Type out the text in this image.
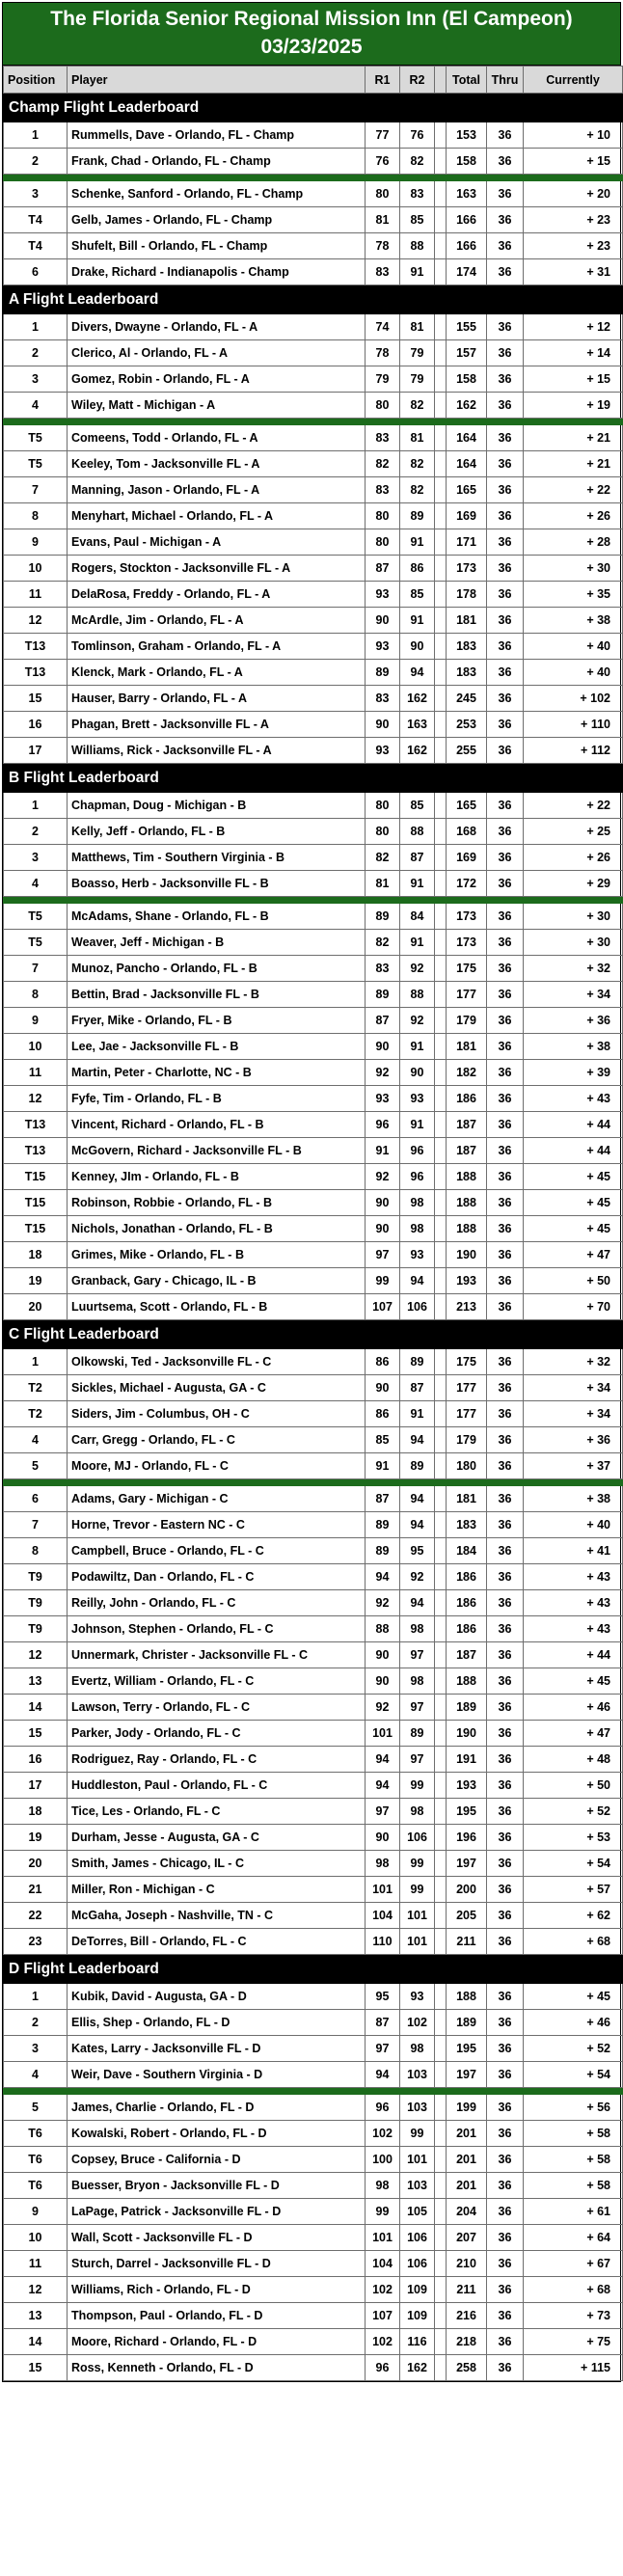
The Florida Senior Regional Mission Inn (El Campeon)
03/23/2025
Position	Player	R1	R2		Total	Thru	Currently
Champ Flight Leaderboard							
1	Rummells, Dave - Orlando, FL - Champ	77	76		153	36	+ 10
2	Frank, Chad - Orlando, FL - Champ	76	82		158	36	+ 15

3	Schenke, Sanford - Orlando, FL - Champ	80	83		163	36	+ 20
T4	Gelb, James - Orlando, FL - Champ	81	85		166	36	+ 23
T4	Shufelt, Bill - Orlando, FL - Champ	78	88		166	36	+ 23
6	Drake, Richard - Indianapolis - Champ	83	91		174	36	+ 31
A Flight Leaderboard							
1	Divers, Dwayne - Orlando, FL - A	74	81		155	36	+ 12
2	Clerico, Al - Orlando, FL - A	78	79		157	36	+ 14
3	Gomez, Robin - Orlando, FL - A	79	79		158	36	+ 15
4	Wiley, Matt - Michigan - A	80	82		162	36	+ 19

T5	Comeens, Todd - Orlando, FL - A	83	81		164	36	+ 21
T5	Keeley, Tom - Jacksonville FL - A	82	82		164	36	+ 21
7	Manning, Jason - Orlando, FL - A	83	82		165	36	+ 22
8	Menyhart, Michael - Orlando, FL - A	80	89		169	36	+ 26
9	Evans, Paul - Michigan - A	80	91		171	36	+ 28
10	Rogers, Stockton - Jacksonville FL - A	87	86		173	36	+ 30
11	DelaRosa, Freddy - Orlando, FL - A	93	85		178	36	+ 35
12	McArdle, Jim - Orlando, FL - A	90	91		181	36	+ 38
T13	Tomlinson, Graham - Orlando, FL - A	93	90		183	36	+ 40
T13	Klenck, Mark - Orlando, FL - A	89	94		183	36	+ 40
15	Hauser, Barry - Orlando, FL - A	83	162		245	36	+ 102
16	Phagan, Brett - Jacksonville FL - A	90	163		253	36	+ 110
17	Williams, Rick - Jacksonville FL - A	93	162		255	36	+ 112
B Flight Leaderboard							
1	Chapman, Doug - Michigan - B	80	85		165	36	+ 22
2	Kelly, Jeff - Orlando, FL - B	80	88		168	36	+ 25
3	Matthews, Tim - Southern Virginia - B	82	87		169	36	+ 26
4	Boasso, Herb - Jacksonville FL - B	81	91		172	36	+ 29

T5	McAdams, Shane - Orlando, FL - B	89	84		173	36	+ 30
T5	Weaver, Jeff - Michigan - B	82	91		173	36	+ 30
7	Munoz, Pancho - Orlando, FL - B	83	92		175	36	+ 32
8	Bettin, Brad - Jacksonville FL - B	89	88		177	36	+ 34
9	Fryer, Mike - Orlando, FL - B	87	92		179	36	+ 36
10	Lee, Jae - Jacksonville FL - B	90	91		181	36	+ 38
11	Martin, Peter - Charlotte, NC - B	92	90		182	36	+ 39
12	Fyfe, Tim - Orlando, FL - B	93	93		186	36	+ 43
T13	Vincent, Richard - Orlando, FL - B	96	91		187	36	+ 44
T13	McGovern, Richard - Jacksonville FL - B	91	96		187	36	+ 44
T15	Kenney, JIm - Orlando, FL - B	92	96		188	36	+ 45
T15	Robinson, Robbie - Orlando, FL - B	90	98		188	36	+ 45
T15	Nichols, Jonathan - Orlando, FL - B	90	98		188	36	+ 45
18	Grimes, Mike - Orlando, FL - B	97	93		190	36	+ 47
19	Granback, Gary - Chicago, IL - B	99	94		193	36	+ 50
20	Luurtsema, Scott - Orlando, FL - B	107	106		213	36	+ 70
C Flight Leaderboard							
1	Olkowski, Ted - Jacksonville FL - C	86	89		175	36	+ 32
T2	Sickles, Michael - Augusta, GA - C	90	87		177	36	+ 34
T2	Siders, Jim - Columbus, OH - C	86	91		177	36	+ 34
4	Carr, Gregg - Orlando, FL - C	85	94		179	36	+ 36
5	Moore, MJ - Orlando, FL - C	91	89		180	36	+ 37

6	Adams, Gary - Michigan - C	87	94		181	36	+ 38
7	Horne, Trevor - Eastern NC - C	89	94		183	36	+ 40
8	Campbell, Bruce - Orlando, FL - C	89	95		184	36	+ 41
T9	Podawiltz, Dan - Orlando, FL - C	94	92		186	36	+ 43
T9	Reilly, John - Orlando, FL - C	92	94		186	36	+ 43
T9	Johnson, Stephen - Orlando, FL - C	88	98		186	36	+ 43
12	Unnermark, Christer - Jacksonville FL - C	90	97		187	36	+ 44
13	Evertz, William - Orlando, FL - C	90	98		188	36	+ 45
14	Lawson, Terry - Orlando, FL - C	92	97		189	36	+ 46
15	Parker, Jody - Orlando, FL - C	101	89		190	36	+ 47
16	Rodriguez, Ray - Orlando, FL - C	94	97		191	36	+ 48
17	Huddleston, Paul - Orlando, FL - C	94	99		193	36	+ 50
18	Tice, Les - Orlando, FL - C	97	98		195	36	+ 52
19	Durham, Jesse - Augusta, GA - C	90	106		196	36	+ 53
20	Smith, James - Chicago, IL - C	98	99		197	36	+ 54
21	Miller, Ron - Michigan - C	101	99		200	36	+ 57
22	McGaha, Joseph - Nashville, TN - C	104	101		205	36	+ 62
23	DeTorres, Bill - Orlando, FL - C	110	101		211	36	+ 68
D Flight Leaderboard							
1	Kubik, David - Augusta, GA - D	95	93		188	36	+ 45
2	Ellis, Shep - Orlando, FL - D	87	102		189	36	+ 46
3	Kates, Larry - Jacksonville FL - D	97	98		195	36	+ 52
4	Weir, Dave - Southern Virginia - D	94	103		197	36	+ 54

5	James, Charlie - Orlando, FL - D	96	103		199	36	+ 56
T6	Kowalski, Robert - Orlando, FL - D	102	99		201	36	+ 58
T6	Copsey, Bruce - California - D	100	101		201	36	+ 58
T6	Buesser, Bryon - Jacksonville FL - D	98	103		201	36	+ 58
9	LaPage, Patrick - Jacksonville FL - D	99	105		204	36	+ 61
10	Wall, Scott - Jacksonville FL - D	101	106		207	36	+ 64
11	Sturch, Darrel - Jacksonville FL - D	104	106		210	36	+ 67
12	Williams, Rich - Orlando, FL - D	102	109		211	36	+ 68
13	Thompson, Paul - Orlando, FL - D	107	109		216	36	+ 73
14	Moore, Richard - Orlando, FL - D	102	116		218	36	+ 75
15	Ross, Kenneth - Orlando, FL - D	96	162		258	36	+ 115
